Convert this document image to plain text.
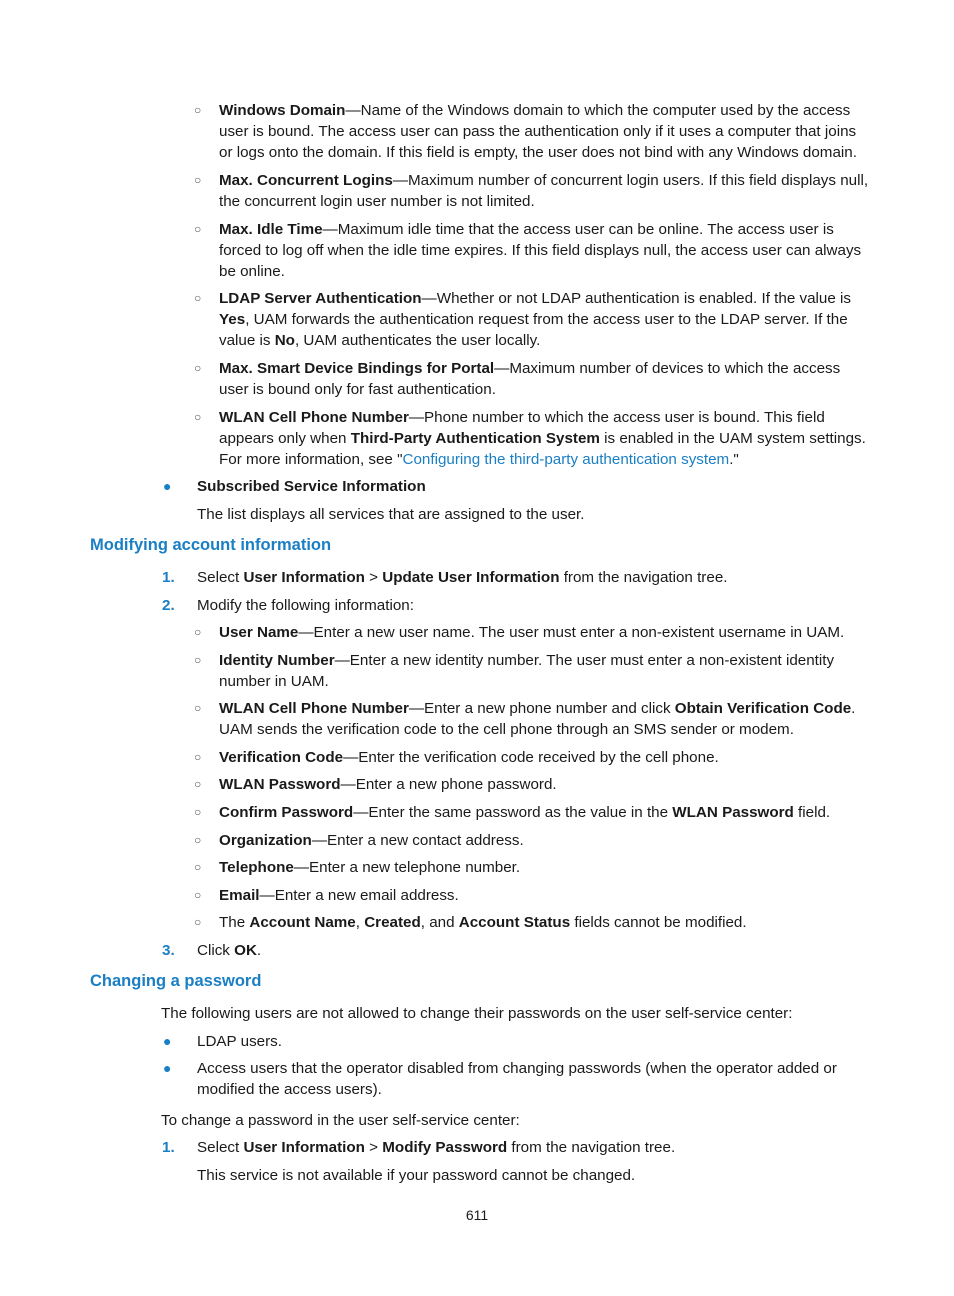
○ Windows Domain—Name of the Windows domain to which the computer used by the access user is bound. The access user can pass the authentication only if it uses a computer that joins or logs onto the domain. If this field is empty, the user does not bind with any Windows domain.

○ Max. Concurrent Logins—Maximum number of concurrent login users. If this field displays null, the concurrent login user number is not limited.

○ Max. Idle Time—Maximum idle time that the access user can be online. The access user is forced to log off when the idle time expires. If this field displays null, the access user can always be online.

○ LDAP Server Authentication—Whether or not LDAP authentication is enabled. If the value is Yes, UAM forwards the authentication request from the access user to the LDAP server. If the value is No, UAM authenticates the user locally.

○ Max. Smart Device Bindings for Portal—Maximum number of devices to which the access user is bound only for fast authentication.

○ WLAN Cell Phone Number—Phone number to which the access user is bound. This field appears only when Third-Party Authentication System is enabled in the UAM system settings. For more information, see "Configuring the third-party authentication system."

● Subscribed Service Information

The list displays all services that are assigned to the user.

Modifying account information
1. Select User Information > Update User Information from the navigation tree.

2. Modify the following information:

○ User Name—Enter a new user name. The user must enter a non-existent username in UAM.

○ Identity Number—Enter a new identity number. The user must enter a non-existent identity number in UAM.

○ WLAN Cell Phone Number—Enter a new phone number and click Obtain Verification Code. UAM sends the verification code to the cell phone through an SMS sender or modem.

○ Verification Code—Enter the verification code received by the cell phone.

○ WLAN Password—Enter a new phone password.

○ Confirm Password—Enter the same password as the value in the WLAN Password field.

○ Organization—Enter a new contact address.

○ Telephone—Enter a new telephone number.

○ Email—Enter a new email address.

○ The Account Name, Created, and Account Status fields cannot be modified.

3. Click OK.

Changing a password

The following users are not allowed to change their passwords on the user self-service center:

● LDAP users.

● Access users that the operator disabled from changing passwords (when the operator added or modified the access users).

To change a password in the user self-service center:

1. Select User Information > Modify Password from the navigation tree.

This service is not available if your password cannot be changed.

611
